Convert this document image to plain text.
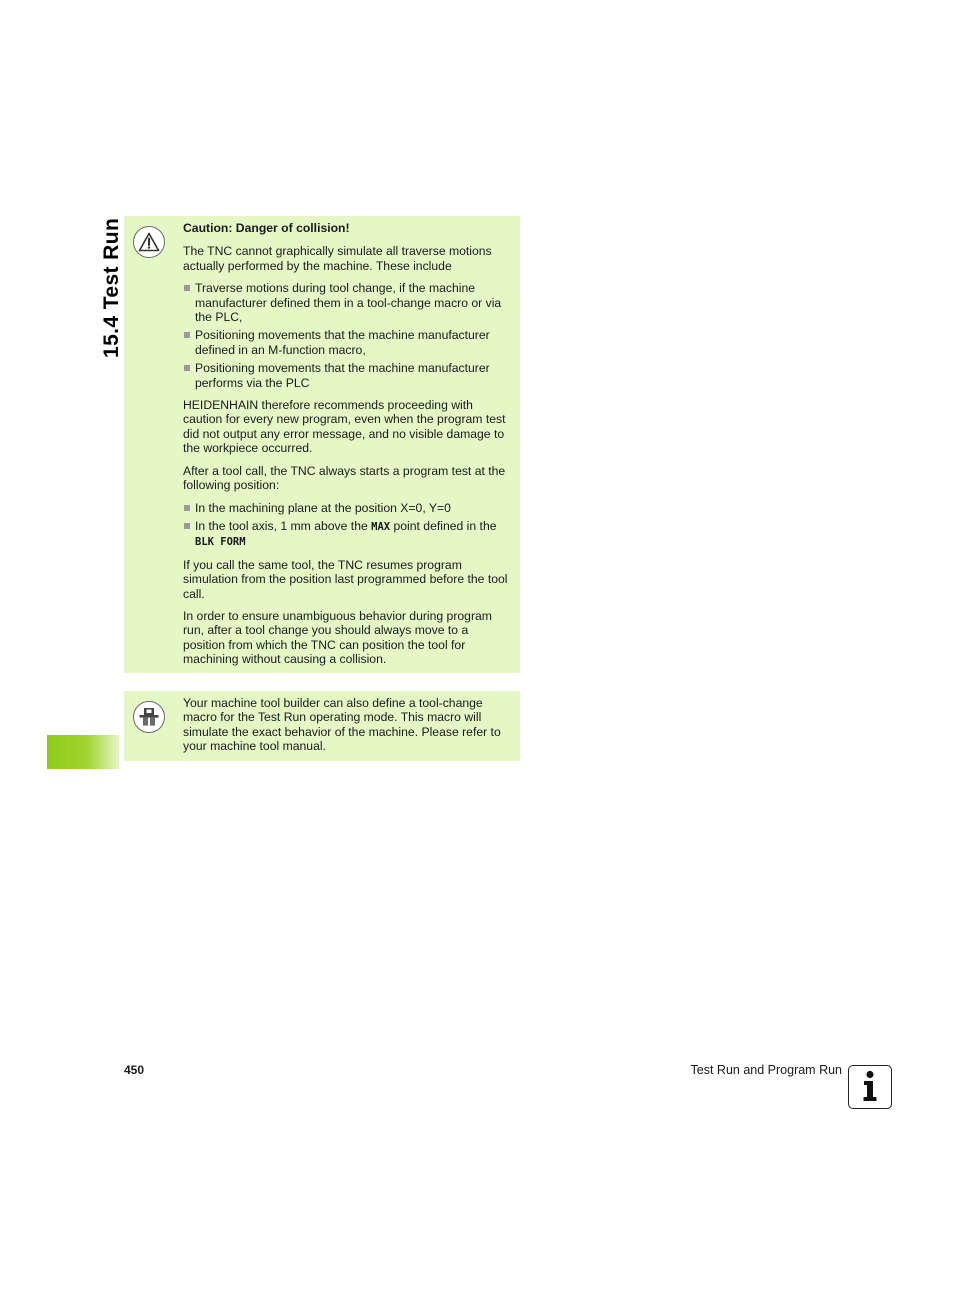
15.4 Test Run	Caution: Danger of collision!

The TNC cannot graphically simulate all traverse motions actually performed by the machine. These include

Traverse motions during tool change, if the machine manufacturer defined them in a tool-change macro or via the PLC,
Positioning movements that the machine manufacturer defined in an M-function macro,
Positioning movements that the machine manufacturer performs via the PLC

HEIDENHAIN therefore recommends proceeding with caution for every new program, even when the program test did not output any error message, and no visible damage to the workpiece occurred.

After a tool call, the TNC always starts a program test at the following position:

In the machining plane at the position X=0, Y=0
In the tool axis, 1 mm above the MAX point defined in the
BLK FORM

If you call the same tool, the TNC resumes program simulation from the position last programmed before the tool call.

In order to ensure unambiguous behavior during program run, after a tool change you should always move to a position from which the TNC can position the tool for machining without causing a collision.

Your machine tool builder can also define a tool-change macro for the Test Run operating mode. This macro will simulate the exact behavior of the machine. Please refer to your machine tool manual.

450	Test Run and Program Run
